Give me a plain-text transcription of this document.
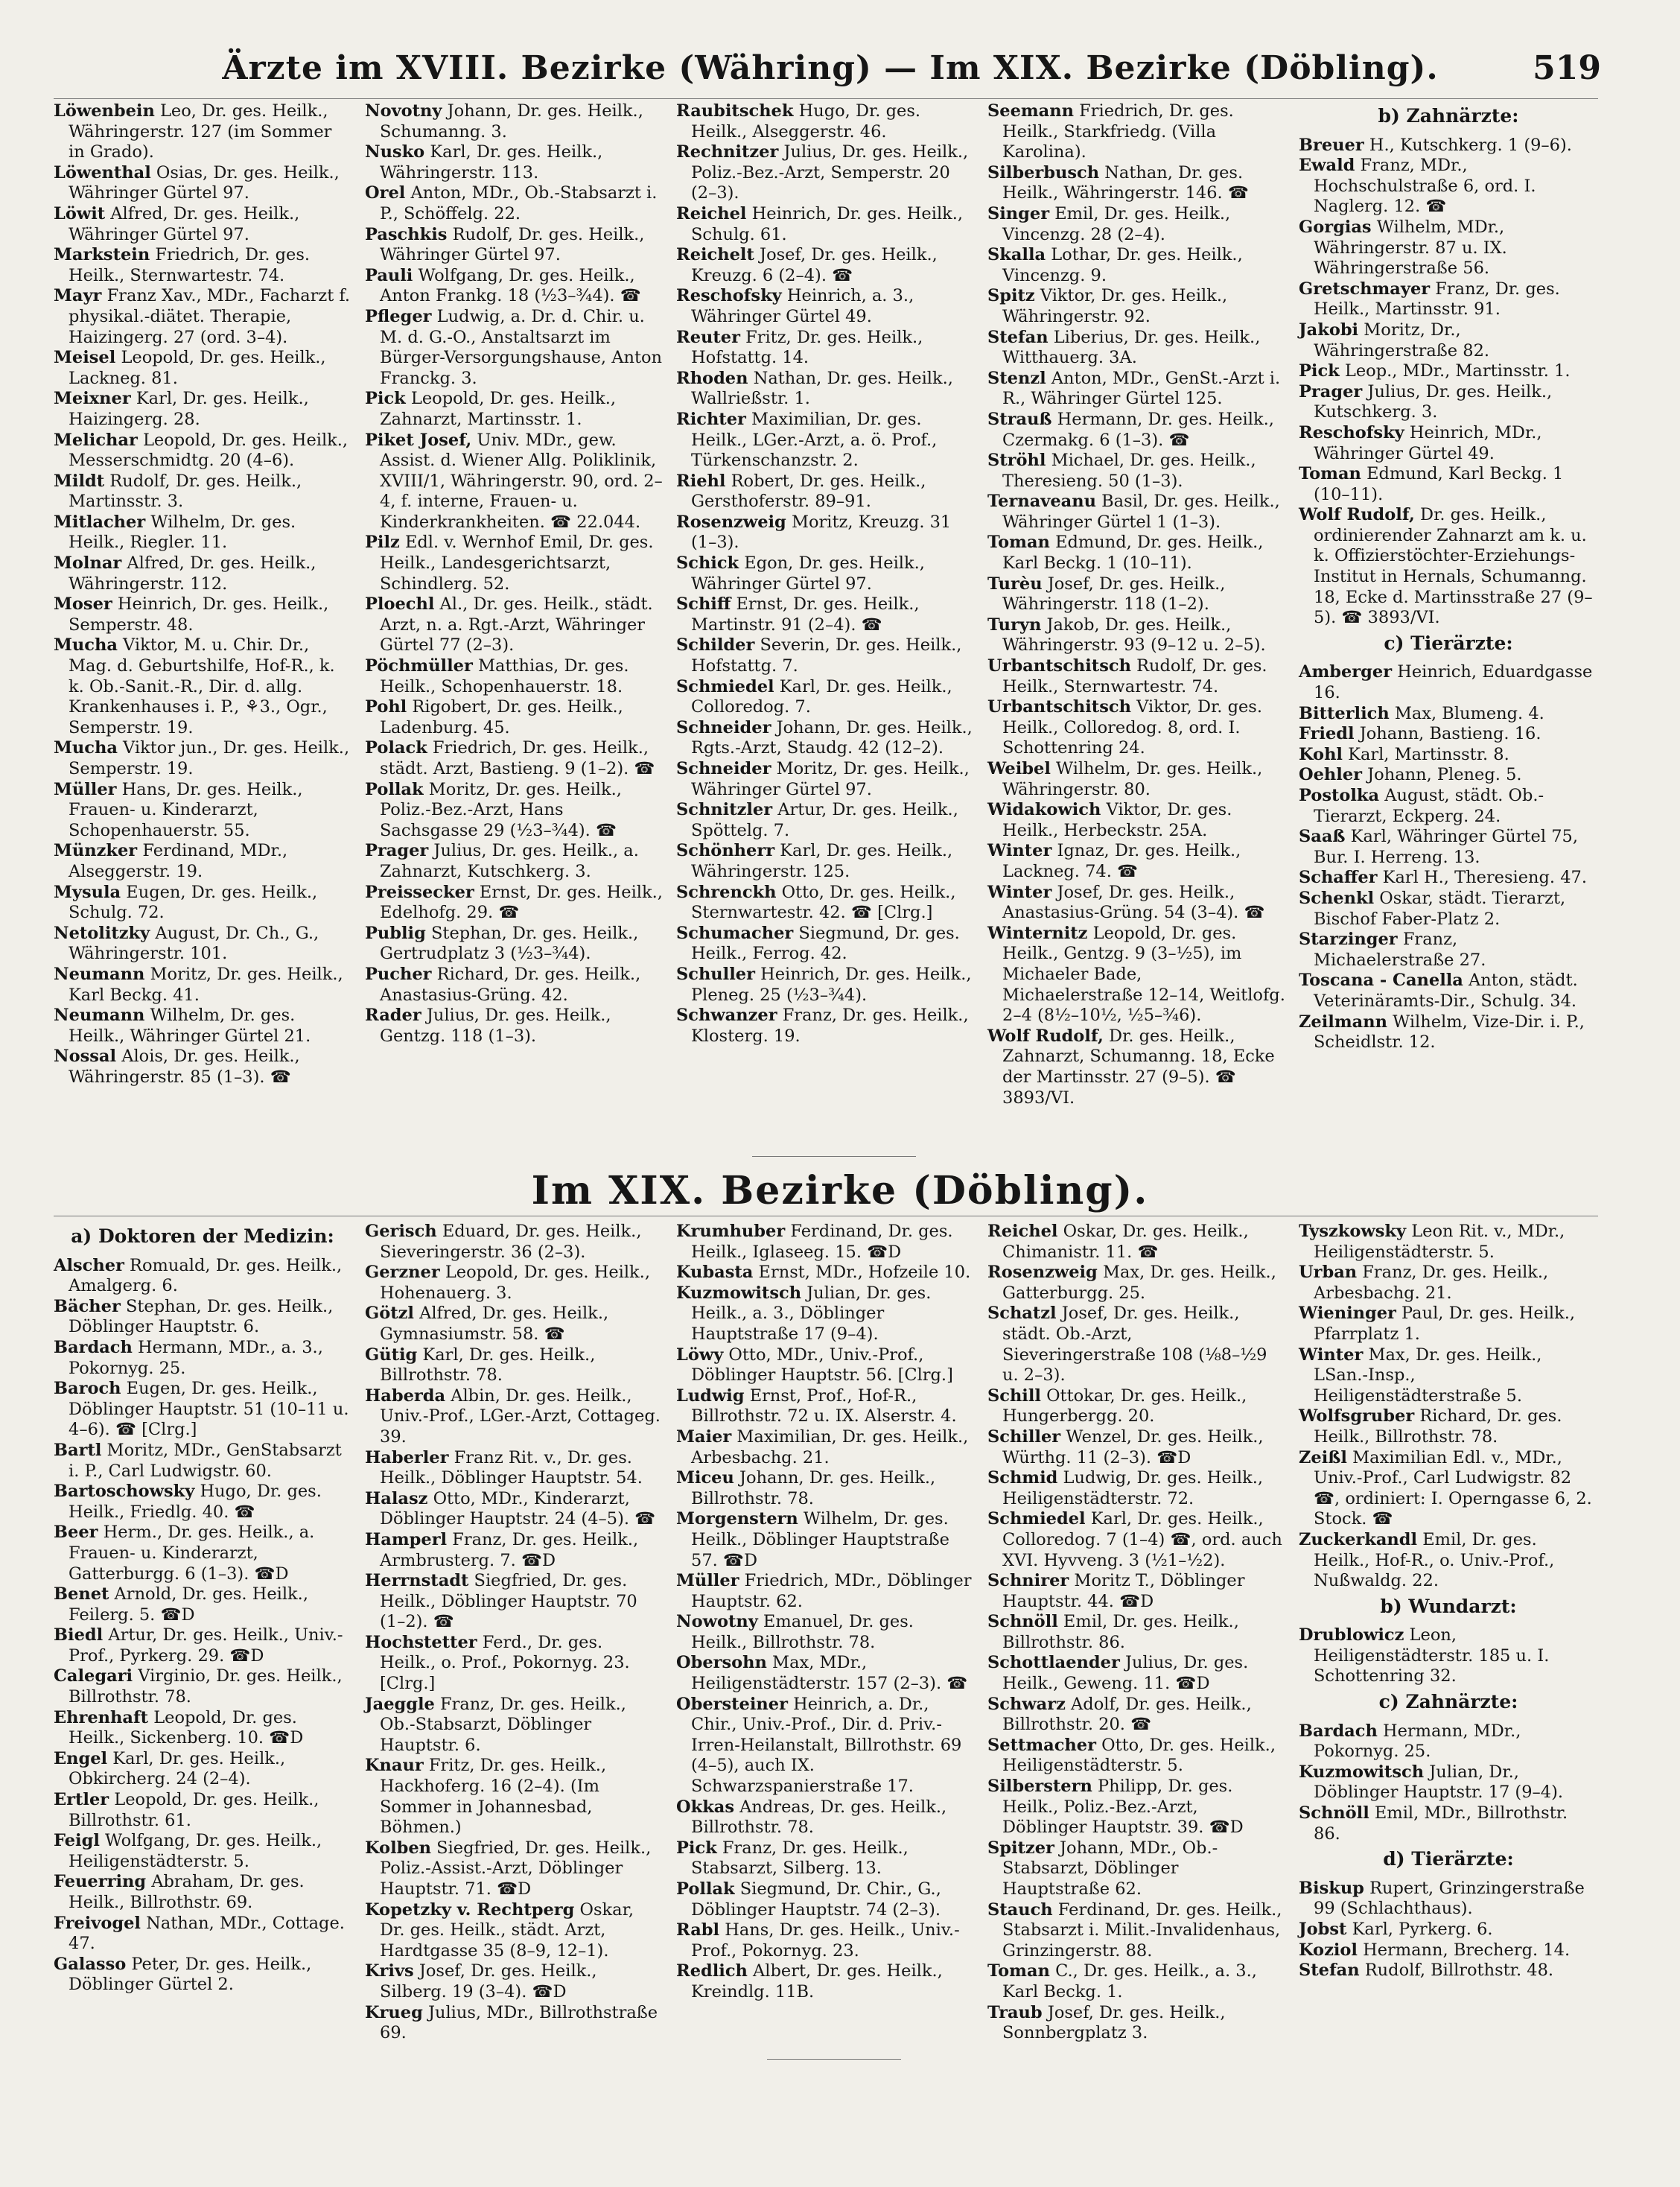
Ärzte im XVIII. Bezirke (Währing) — Im XIX. Bezirke (Döbling).	519

Löwenbein Leo, Dr. ges. Heilk., Währingerstr. 127 (im Sommer in Grado).

Löwenthal Osias, Dr. ges. Heilk., Währinger Gürtel 97.

Löwit Alfred, Dr. ges. Heilk., Währinger Gürtel 97.

Markstein Friedrich, Dr. ges. Heilk., Sternwartestr. 74.

Mayr Franz Xav., MDr., Facharzt f. physikal.-diätet. Therapie, Haizingerg. 27 (ord. 3–4).

Meisel Leopold, Dr. ges. Heilk., Lackneg. 81.

Meixner Karl, Dr. ges. Heilk., Haizingerg. 28.

Melichar Leopold, Dr. ges. Heilk., Messerschmidtg. 20 (4–6).

Mildt Rudolf, Dr. ges. Heilk., Martinsstr. 3.

Mitlacher Wilhelm, Dr. ges. Heilk., Riegler. 11.

Molnar Alfred, Dr. ges. Heilk., Währingerstr. 112.

Moser Heinrich, Dr. ges. Heilk., Semperstr. 48.

Mucha Viktor, M. u. Chir. Dr., Mag. d. Geburtshilfe, Hof-R., k. k. Ob.-Sanit.-R., Dir. d. allg. Krankenhauses i. P., ⚘3., Ogr., Semperstr. 19.

Mucha Viktor jun., Dr. ges. Heilk., Semperstr. 19.

Müller Hans, Dr. ges. Heilk., Frauen- u. Kinderarzt, Schopenhauerstr. 55.

Münzker Ferdinand, MDr., Alseggerstr. 19.

Mysula Eugen, Dr. ges. Heilk., Schulg. 72.

Netolitzky August, Dr. Ch., G., Währingerstr. 101.

Neumann Moritz, Dr. ges. Heilk., Karl Beckg. 41.

Neumann Wilhelm, Dr. ges. Heilk., Währinger Gürtel 21.

Nossal Alois, Dr. ges. Heilk., Währingerstr. 85 (1–3). ☎

Novotny Johann, Dr. ges. Heilk., Schumanng. 3.

Nusko Karl, Dr. ges. Heilk., Währingerstr. 113.

Orel Anton, MDr., Ob.-Stabsarzt i. P., Schöffelg. 22.

Paschkis Rudolf, Dr. ges. Heilk., Währinger Gürtel 97.

Pauli Wolfgang, Dr. ges. Heilk., Anton Frankg. 18 (½3–¾4). ☎

Pfleger Ludwig, a. Dr. d. Chir. u. M. d. G.-O., Anstaltsarzt im Bürger-Versorgungshause, Anton Franckg. 3.

Pick Leopold, Dr. ges. Heilk., Zahnarzt, Martinsstr. 1.

Piket Josef, Univ. MDr., gew. Assist. d. Wiener Allg. Poliklinik, XVIII/1, Währingerstr. 90, ord. 2–4, f. interne, Frauen- u. Kinderkrankheiten. ☎ 22.044.

Pilz Edl. v. Wernhof Emil, Dr. ges. Heilk., Landesgerichtsarzt, Schindlerg. 52.

Ploechl Al., Dr. ges. Heilk., städt. Arzt, n. a. Rgt.-Arzt, Währinger Gürtel 77 (2–3).

Pöchmüller Matthias, Dr. ges. Heilk., Schopenhauerstr. 18.

Pohl Rigobert, Dr. ges. Heilk., Ladenburg. 45.

Polack Friedrich, Dr. ges. Heilk., städt. Arzt, Bastieng. 9 (1–2). ☎

Pollak Moritz, Dr. ges. Heilk., Poliz.-Bez.-Arzt, Hans Sachsgasse 29 (½3–¾4). ☎

Prager Julius, Dr. ges. Heilk., a. Zahnarzt, Kutschkerg. 3.

Preissecker Ernst, Dr. ges. Heilk., Edelhofg. 29. ☎

Publig Stephan, Dr. ges. Heilk., Gertrudplatz 3 (½3–¾4).

Pucher Richard, Dr. ges. Heilk., Anastasius-Grüng. 42.

Rader Julius, Dr. ges. Heilk., Gentzg. 118 (1–3).

Raubitschek Hugo, Dr. ges. Heilk., Alseggerstr. 46.

Rechnitzer Julius, Dr. ges. Heilk., Poliz.-Bez.-Arzt, Semperstr. 20 (2–3).

Reichel Heinrich, Dr. ges. Heilk., Schulg. 61.

Reichelt Josef, Dr. ges. Heilk., Kreuzg. 6 (2–4). ☎

Reschofsky Heinrich, a. 3., Währinger Gürtel 49.

Reuter Fritz, Dr. ges. Heilk., Hofstattg. 14.

Rhoden Nathan, Dr. ges. Heilk., Wallrießstr. 1.

Richter Maximilian, Dr. ges. Heilk., LGer.-Arzt, a. ö. Prof., Türkenschanzstr. 2.

Riehl Robert, Dr. ges. Heilk., Gersthoferstr. 89–91.

Rosenzweig Moritz, Kreuzg. 31 (1–3).

Schick Egon, Dr. ges. Heilk., Währinger Gürtel 97.

Schiff Ernst, Dr. ges. Heilk., Martinstr. 91 (2–4). ☎

Schilder Severin, Dr. ges. Heilk., Hofstattg. 7.

Schmiedel Karl, Dr. ges. Heilk., Colloredog. 7.

Schneider Johann, Dr. ges. Heilk., Rgts.-Arzt, Staudg. 42 (12–2).

Schneider Moritz, Dr. ges. Heilk., Währinger Gürtel 97.

Schnitzler Artur, Dr. ges. Heilk., Spöttelg. 7.

Schönherr Karl, Dr. ges. Heilk., Währingerstr. 125.

Schrenckh Otto, Dr. ges. Heilk., Sternwartestr. 42. ☎ [Clrg.]

Schumacher Siegmund, Dr. ges. Heilk., Ferrog. 42.

Schuller Heinrich, Dr. ges. Heilk., Pleneg. 25 (½3–¾4).

Schwanzer Franz, Dr. ges. Heilk., Klosterg. 19.

Seemann Friedrich, Dr. ges. Heilk., Starkfriedg. (Villa Karolina).

Silberbusch Nathan, Dr. ges. Heilk., Währingerstr. 146. ☎

Singer Emil, Dr. ges. Heilk., Vincenzg. 28 (2–4).

Skalla Lothar, Dr. ges. Heilk., Vincenzg. 9.

Spitz Viktor, Dr. ges. Heilk., Währingerstr. 92.

Stefan Liberius, Dr. ges. Heilk., Witthauerg. 3A.

Stenzl Anton, MDr., GenSt.-Arzt i. R., Währinger Gürtel 125.

Strauß Hermann, Dr. ges. Heilk., Czermakg. 6 (1–3). ☎

Ströhl Michael, Dr. ges. Heilk., Theresieng. 50 (1–3).

Ternaveanu Basil, Dr. ges. Heilk., Währinger Gürtel 1 (1–3).

Toman Edmund, Dr. ges. Heilk., Karl Beckg. 1 (10–11).

Turèu Josef, Dr. ges. Heilk., Währingerstr. 118 (1–2).

Turyn Jakob, Dr. ges. Heilk., Währingerstr. 93 (9–12 u. 2–5).

Urbantschitsch Rudolf, Dr. ges. Heilk., Sternwartestr. 74.

Urbantschitsch Viktor, Dr. ges. Heilk., Colloredog. 8, ord. I. Schottenring 24.

Weibel Wilhelm, Dr. ges. Heilk., Währingerstr. 80.

Widakowich Viktor, Dr. ges. Heilk., Herbeckstr. 25A.

Winter Ignaz, Dr. ges. Heilk., Lackneg. 74. ☎

Winter Josef, Dr. ges. Heilk., Anastasius-Grüng. 54 (3–4). ☎

Winternitz Leopold, Dr. ges. Heilk., Gentzg. 9 (3–½5), im Michaeler Bade, Michaelerstraße 12–14, Weitlofg. 2–4 (8½–10½, ½5–¾6).

Wolf Rudolf, Dr. ges. Heilk., Zahnarzt, Schumanng. 18, Ecke der Martinsstr. 27 (9–5). ☎ 3893/VI.

b) Zahnärzte:

Breuer H., Kutschkerg. 1 (9–6).

Ewald Franz, MDr., Hochschulstraße 6, ord. I. Naglerg. 12. ☎

Gorgias Wilhelm, MDr., Währingerstr. 87 u. IX. Währingerstraße 56.

Gretschmayer Franz, Dr. ges. Heilk., Martinsstr. 91.

Jakobi Moritz, Dr., Währingerstraße 82.

Pick Leop., MDr., Martinsstr. 1.

Prager Julius, Dr. ges. Heilk., Kutschkerg. 3.

Reschofsky Heinrich, MDr., Währinger Gürtel 49.

Toman Edmund, Karl Beckg. 1 (10–11).

Wolf Rudolf, Dr. ges. Heilk., ordinierender Zahnarzt am k. u. k. Offizierstöchter-Erziehungs-Institut in Hernals, Schumanng. 18, Ecke d. Martinsstraße 27 (9–5). ☎ 3893/VI.

c) Tierärzte:

Amberger Heinrich, Eduardgasse 16.

Bitterlich Max, Blumeng. 4.

Friedl Johann, Bastieng. 16.

Kohl Karl, Martinsstr. 8.

Oehler Johann, Pleneg. 5.

Postolka August, städt. Ob.-Tierarzt, Eckperg. 24.

Saaß Karl, Währinger Gürtel 75, Bur. I. Herreng. 13.

Schaffer Karl H., Theresieng. 47.

Schenkl Oskar, städt. Tierarzt, Bischof Faber-Platz 2.

Starzinger Franz, Michaelerstraße 27.

Toscana - Canella Anton, städt. Veterinäramts-Dir., Schulg. 34.

Zeilmann Wilhelm, Vize-Dir. i. P., Scheidlstr. 12.

Im XIX. Bezirke (Döbling).

a) Doktoren der Medizin:

Alscher Romuald, Dr. ges. Heilk., Amalgerg. 6.

Bächer Stephan, Dr. ges. Heilk., Döblinger Hauptstr. 6.

Bardach Hermann, MDr., a. 3., Pokornyg. 25.

Baroch Eugen, Dr. ges. Heilk., Döblinger Hauptstr. 51 (10–11 u. 4–6). ☎ [Clrg.]

Bartl Moritz, MDr., GenStabsarzt i. P., Carl Ludwigstr. 60.

Bartoschowsky Hugo, Dr. ges. Heilk., Friedlg. 40. ☎

Beer Herm., Dr. ges. Heilk., a. Frauen- u. Kinderarzt, Gatterburgg. 6 (1–3). ☎D

Benet Arnold, Dr. ges. Heilk., Feilerg. 5. ☎D

Biedl Artur, Dr. ges. Heilk., Univ.-Prof., Pyrkerg. 29. ☎D

Calegari Virginio, Dr. ges. Heilk., Billrothstr. 78.

Ehrenhaft Leopold, Dr. ges. Heilk., Sickenberg. 10. ☎D

Engel Karl, Dr. ges. Heilk., Obkircherg. 24 (2–4).

Ertler Leopold, Dr. ges. Heilk., Billrothstr. 61.

Feigl Wolfgang, Dr. ges. Heilk., Heiligenstädterstr. 5.

Feuerring Abraham, Dr. ges. Heilk., Billrothstr. 69.

Freivogel Nathan, MDr., Cottage. 47.

Galasso Peter, Dr. ges. Heilk., Döblinger Gürtel 2.

Gerisch Eduard, Dr. ges. Heilk., Sieveringerstr. 36 (2–3).

Gerzner Leopold, Dr. ges. Heilk., Hohenauerg. 3.

Götzl Alfred, Dr. ges. Heilk., Gymnasiumstr. 58. ☎

Gütig Karl, Dr. ges. Heilk., Billrothstr. 78.

Haberda Albin, Dr. ges. Heilk., Univ.-Prof., LGer.-Arzt, Cottageg. 39.

Haberler Franz Rit. v., Dr. ges. Heilk., Döblinger Hauptstr. 54.

Halasz Otto, MDr., Kinderarzt, Döblinger Hauptstr. 24 (4–5). ☎

Hamperl Franz, Dr. ges. Heilk., Armbrusterg. 7. ☎D

Herrnstadt Siegfried, Dr. ges. Heilk., Döblinger Hauptstr. 70 (1–2). ☎

Hochstetter Ferd., Dr. ges. Heilk., o. Prof., Pokornyg. 23. [Clrg.]

Jaeggle Franz, Dr. ges. Heilk., Ob.-Stabsarzt, Döblinger Hauptstr. 6.

Knaur Fritz, Dr. ges. Heilk., Hackhoferg. 16 (2–4). (Im Sommer in Johannesbad, Böhmen.)

Kolben Siegfried, Dr. ges. Heilk., Poliz.-Assist.-Arzt, Döblinger Hauptstr. 71. ☎D

Kopetzky v. Rechtperg Oskar, Dr. ges. Heilk., städt. Arzt, Hardtgasse 35 (8–9, 12–1).

Krivs Josef, Dr. ges. Heilk., Silberg. 19 (3–4). ☎D

Krueg Julius, MDr., Billrothstraße 69.

Krumhuber Ferdinand, Dr. ges. Heilk., Iglaseeg. 15. ☎D

Kubasta Ernst, MDr., Hofzeile 10.

Kuzmowitsch Julian, Dr. ges. Heilk., a. 3., Döblinger Hauptstraße 17 (9–4).

Löwy Otto, MDr., Univ.-Prof., Döblinger Hauptstr. 56. [Clrg.]

Ludwig Ernst, Prof., Hof-R., Billrothstr. 72 u. IX. Alserstr. 4.

Maier Maximilian, Dr. ges. Heilk., Arbesbachg. 21.

Miceu Johann, Dr. ges. Heilk., Billrothstr. 78.

Morgenstern Wilhelm, Dr. ges. Heilk., Döblinger Hauptstraße 57. ☎D

Müller Friedrich, MDr., Döblinger Hauptstr. 62.

Nowotny Emanuel, Dr. ges. Heilk., Billrothstr. 78.

Obersohn Max, MDr., Heiligenstädterstr. 157 (2–3). ☎

Obersteiner Heinrich, a. Dr., Chir., Univ.-Prof., Dir. d. Priv.-Irren-Heilanstalt, Billrothstr. 69 (4–5), auch IX. Schwarzspanierstraße 17.

Okkas Andreas, Dr. ges. Heilk., Billrothstr. 78.

Pick Franz, Dr. ges. Heilk., Stabsarzt, Silberg. 13.

Pollak Siegmund, Dr. Chir., G., Döblinger Hauptstr. 74 (2–3).

Rabl Hans, Dr. ges. Heilk., Univ.-Prof., Pokornyg. 23.

Redlich Albert, Dr. ges. Heilk., Kreindlg. 11B.

Reichel Oskar, Dr. ges. Heilk., Chimanistr. 11. ☎

Rosenzweig Max, Dr. ges. Heilk., Gatterburgg. 25.

Schatzl Josef, Dr. ges. Heilk., städt. Ob.-Arzt, Sieveringerstraße 108 (⅛8–½9 u. 2–3).

Schill Ottokar, Dr. ges. Heilk., Hungerbergg. 20.

Schiller Wenzel, Dr. ges. Heilk., Würthg. 11 (2–3). ☎D

Schmid Ludwig, Dr. ges. Heilk., Heiligenstädterstr. 72.

Schmiedel Karl, Dr. ges. Heilk., Colloredog. 7 (1–4) ☎, ord. auch XVI. Hyvveng. 3 (½1–½2).

Schnirer Moritz T., Döblinger Hauptstr. 44. ☎D

Schnöll Emil, Dr. ges. Heilk., Billrothstr. 86.

Schottlaender Julius, Dr. ges. Heilk., Geweng. 11. ☎D

Schwarz Adolf, Dr. ges. Heilk., Billrothstr. 20. ☎

Settmacher Otto, Dr. ges. Heilk., Heiligenstädterstr. 5.

Silberstern Philipp, Dr. ges. Heilk., Poliz.-Bez.-Arzt, Döblinger Hauptstr. 39. ☎D

Spitzer Johann, MDr., Ob.-Stabsarzt, Döblinger Hauptstraße 62.

Stauch Ferdinand, Dr. ges. Heilk., Stabsarzt i. Milit.-Invalidenhaus, Grinzingerstr. 88.

Toman C., Dr. ges. Heilk., a. 3., Karl Beckg. 1.

Traub Josef, Dr. ges. Heilk., Sonnbergplatz 3.

Tyszkowsky Leon Rit. v., MDr., Heiligenstädterstr. 5.

Urban Franz, Dr. ges. Heilk., Arbesbachg. 21.

Wieninger Paul, Dr. ges. Heilk., Pfarrplatz 1.

Winter Max, Dr. ges. Heilk., LSan.-Insp., Heiligenstädterstraße 5.

Wolfsgruber Richard, Dr. ges. Heilk., Billrothstr. 78.

Zeißl Maximilian Edl. v., MDr., Univ.-Prof., Carl Ludwigstr. 82 ☎, ordiniert: I. Operngasse 6, 2. Stock. ☎

Zuckerkandl Emil, Dr. ges. Heilk., Hof-R., o. Univ.-Prof., Nußwaldg. 22.

b) Wundarzt:

Drublowicz Leon, Heiligenstädterstr. 185 u. I. Schottenring 32.

c) Zahnärzte:

Bardach Hermann, MDr., Pokornyg. 25.

Kuzmowitsch Julian, Dr., Döblinger Hauptstr. 17 (9–4).

Schnöll Emil, MDr., Billrothstr. 86.

d) Tierärzte:

Biskup Rupert, Grinzingerstraße 99 (Schlachthaus).

Jobst Karl, Pyrkerg. 6.

Koziol Hermann, Brecherg. 14.

Stefan Rudolf, Billrothstr. 48.
